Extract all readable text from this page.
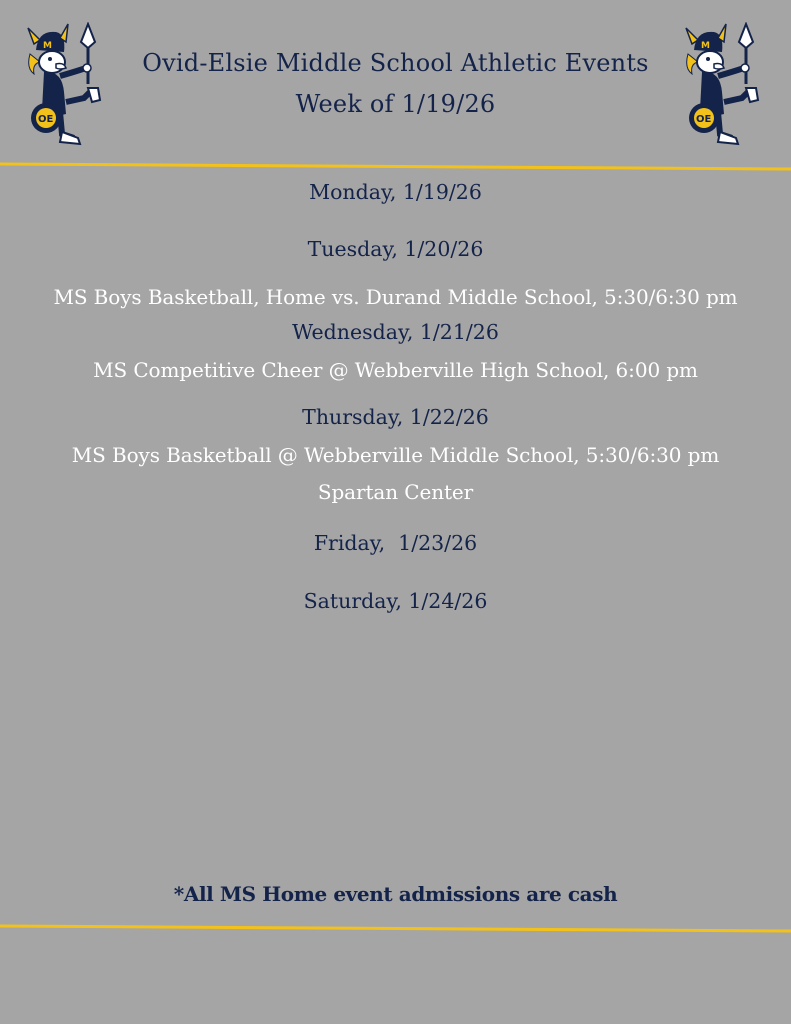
M
OE
M
OE
Ovid-Elsie Middle School Athletic Events
Week of 1/19/26
Monday, 1/19/26
Tuesday, 1/20/26
MS Boys Basketball, Home vs. Durand Middle School, 5:30/6:30 pm
Wednesday, 1/21/26
MS Competitive Cheer @ Webberville High School, 6:00 pm
Thursday, 1/22/26
MS Boys Basketball @ Webberville Middle School, 5:30/6:30 pm
Spartan Center
Friday,  1/23/26
Saturday, 1/24/26
*All MS Home event admissions are cash
